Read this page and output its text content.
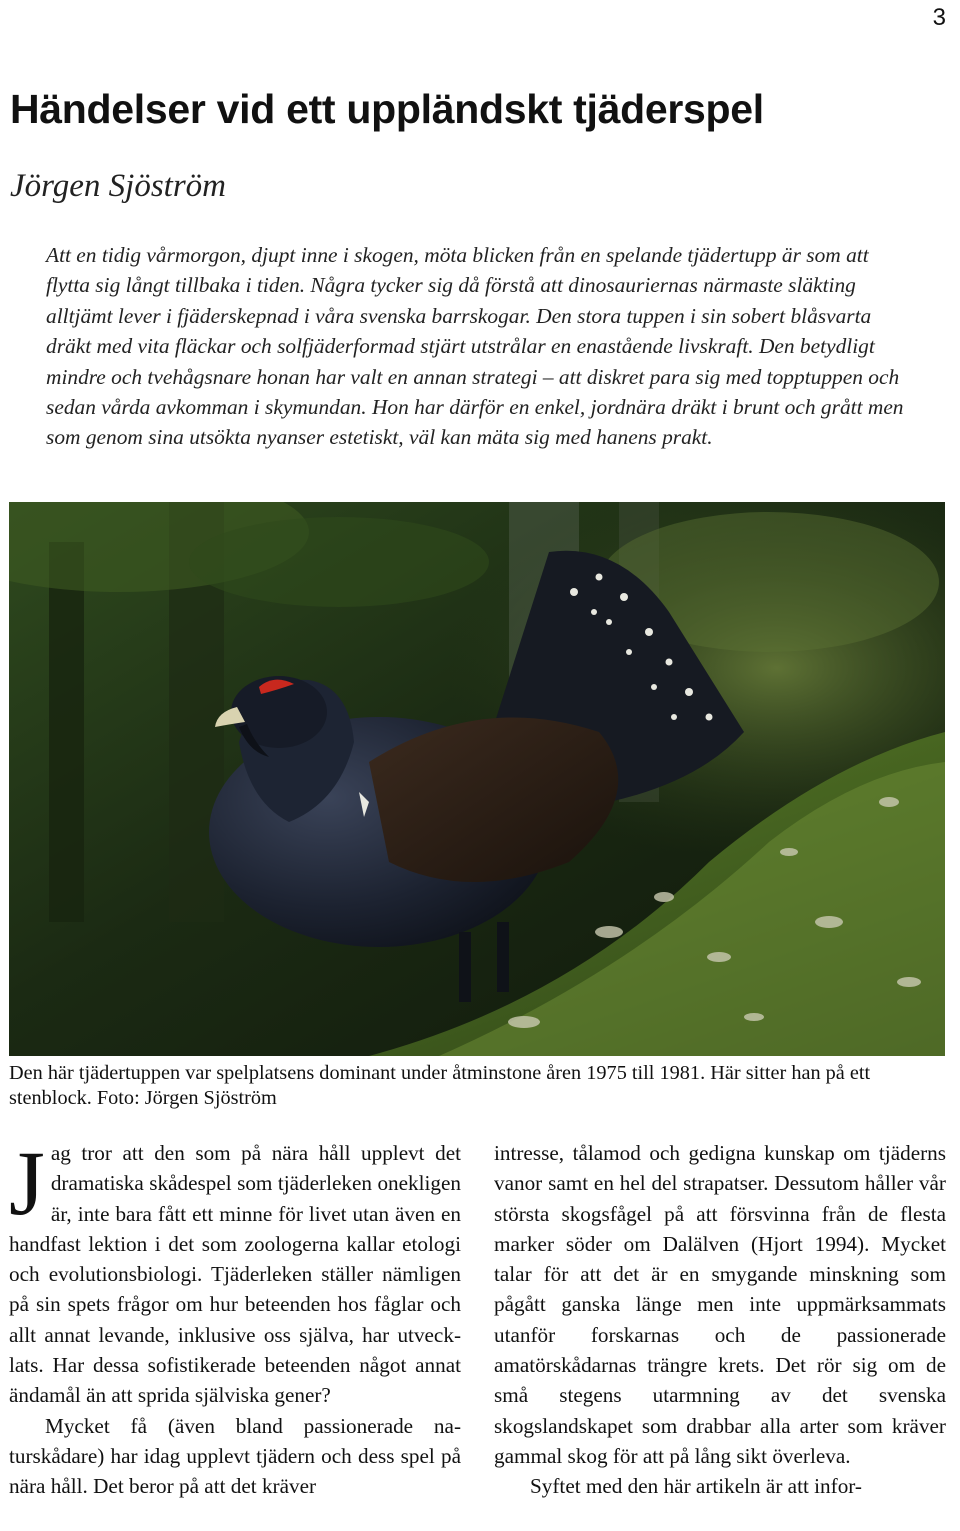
3
Händelser vid ett uppländskt tjäderspel
Jörgen Sjöström

Att en tidig vårmorgon, djupt inne i skogen, möta blicken från en spelande tjädertupp är som att flytta sig långt tillbaka i tiden. Några tycker sig då förstå att dinosauriernas närmaste släkting alltjämt lever i fjäderskepnad i våra svenska barrskogar. Den stora tuppen i sin sobert blåsvarta dräkt med vita fläckar och solfjäderformad stjärt utstrålar en enastående livskraft. Den betydligt mindre och tvehågsnare honan har valt en annan strategi – att diskret para sig med topptuppen och sedan vårda avkomman i skymundan. Hon har därför en enkel, jordnära dräkt i brunt och grått men som genom sina utsökta nyanser estetiskt, väl kan mäta sig med hanens prakt.

Den här tjädertuppen var spelplatsens dominant under åtminstone åren 1975 till 1981. Här sitter han på ett stenblock. Foto: Jörgen Sjöström

Jag tror att den som på nära håll upplevt det dramatiska skådespel som tjäderleken onekligen är, inte bara fått ett minne för livet utan även en handfast lektion i det som zoologerna kallar etologi och evolutionsbiologi. Tjäderleken ställer nämligen på sin spets frågor om hur beteenden hos fåglar och allt annat levande, inklusive oss själva, har utvecklats. Har dessa sofistikerade beteenden något annat ändamål än att sprida själviska gener?

Mycket få (även bland passionerade naturskådare) har idag upplevt tjädern och dess spel på nära håll. Det beror på att det kräver

intresse, tålamod och gedigna kunskap om tjäderns vanor samt en hel del strapatser. Dessutom håller vår största skogsfågel på att försvinna från de flesta marker söder om Dalälven (Hjort 1994). Mycket talar för att det är en smygande minskning som pågått ganska länge men inte uppmärksammats utanför forskarnas och de passionerade amatörskådarnas trängre krets. Det rör sig om de små stegens utarmning av det svenska skogslandskapet som drabbar alla arter som kräver gammal skog för att på lång sikt överleva.

Syftet med den här artikeln är att infor-
